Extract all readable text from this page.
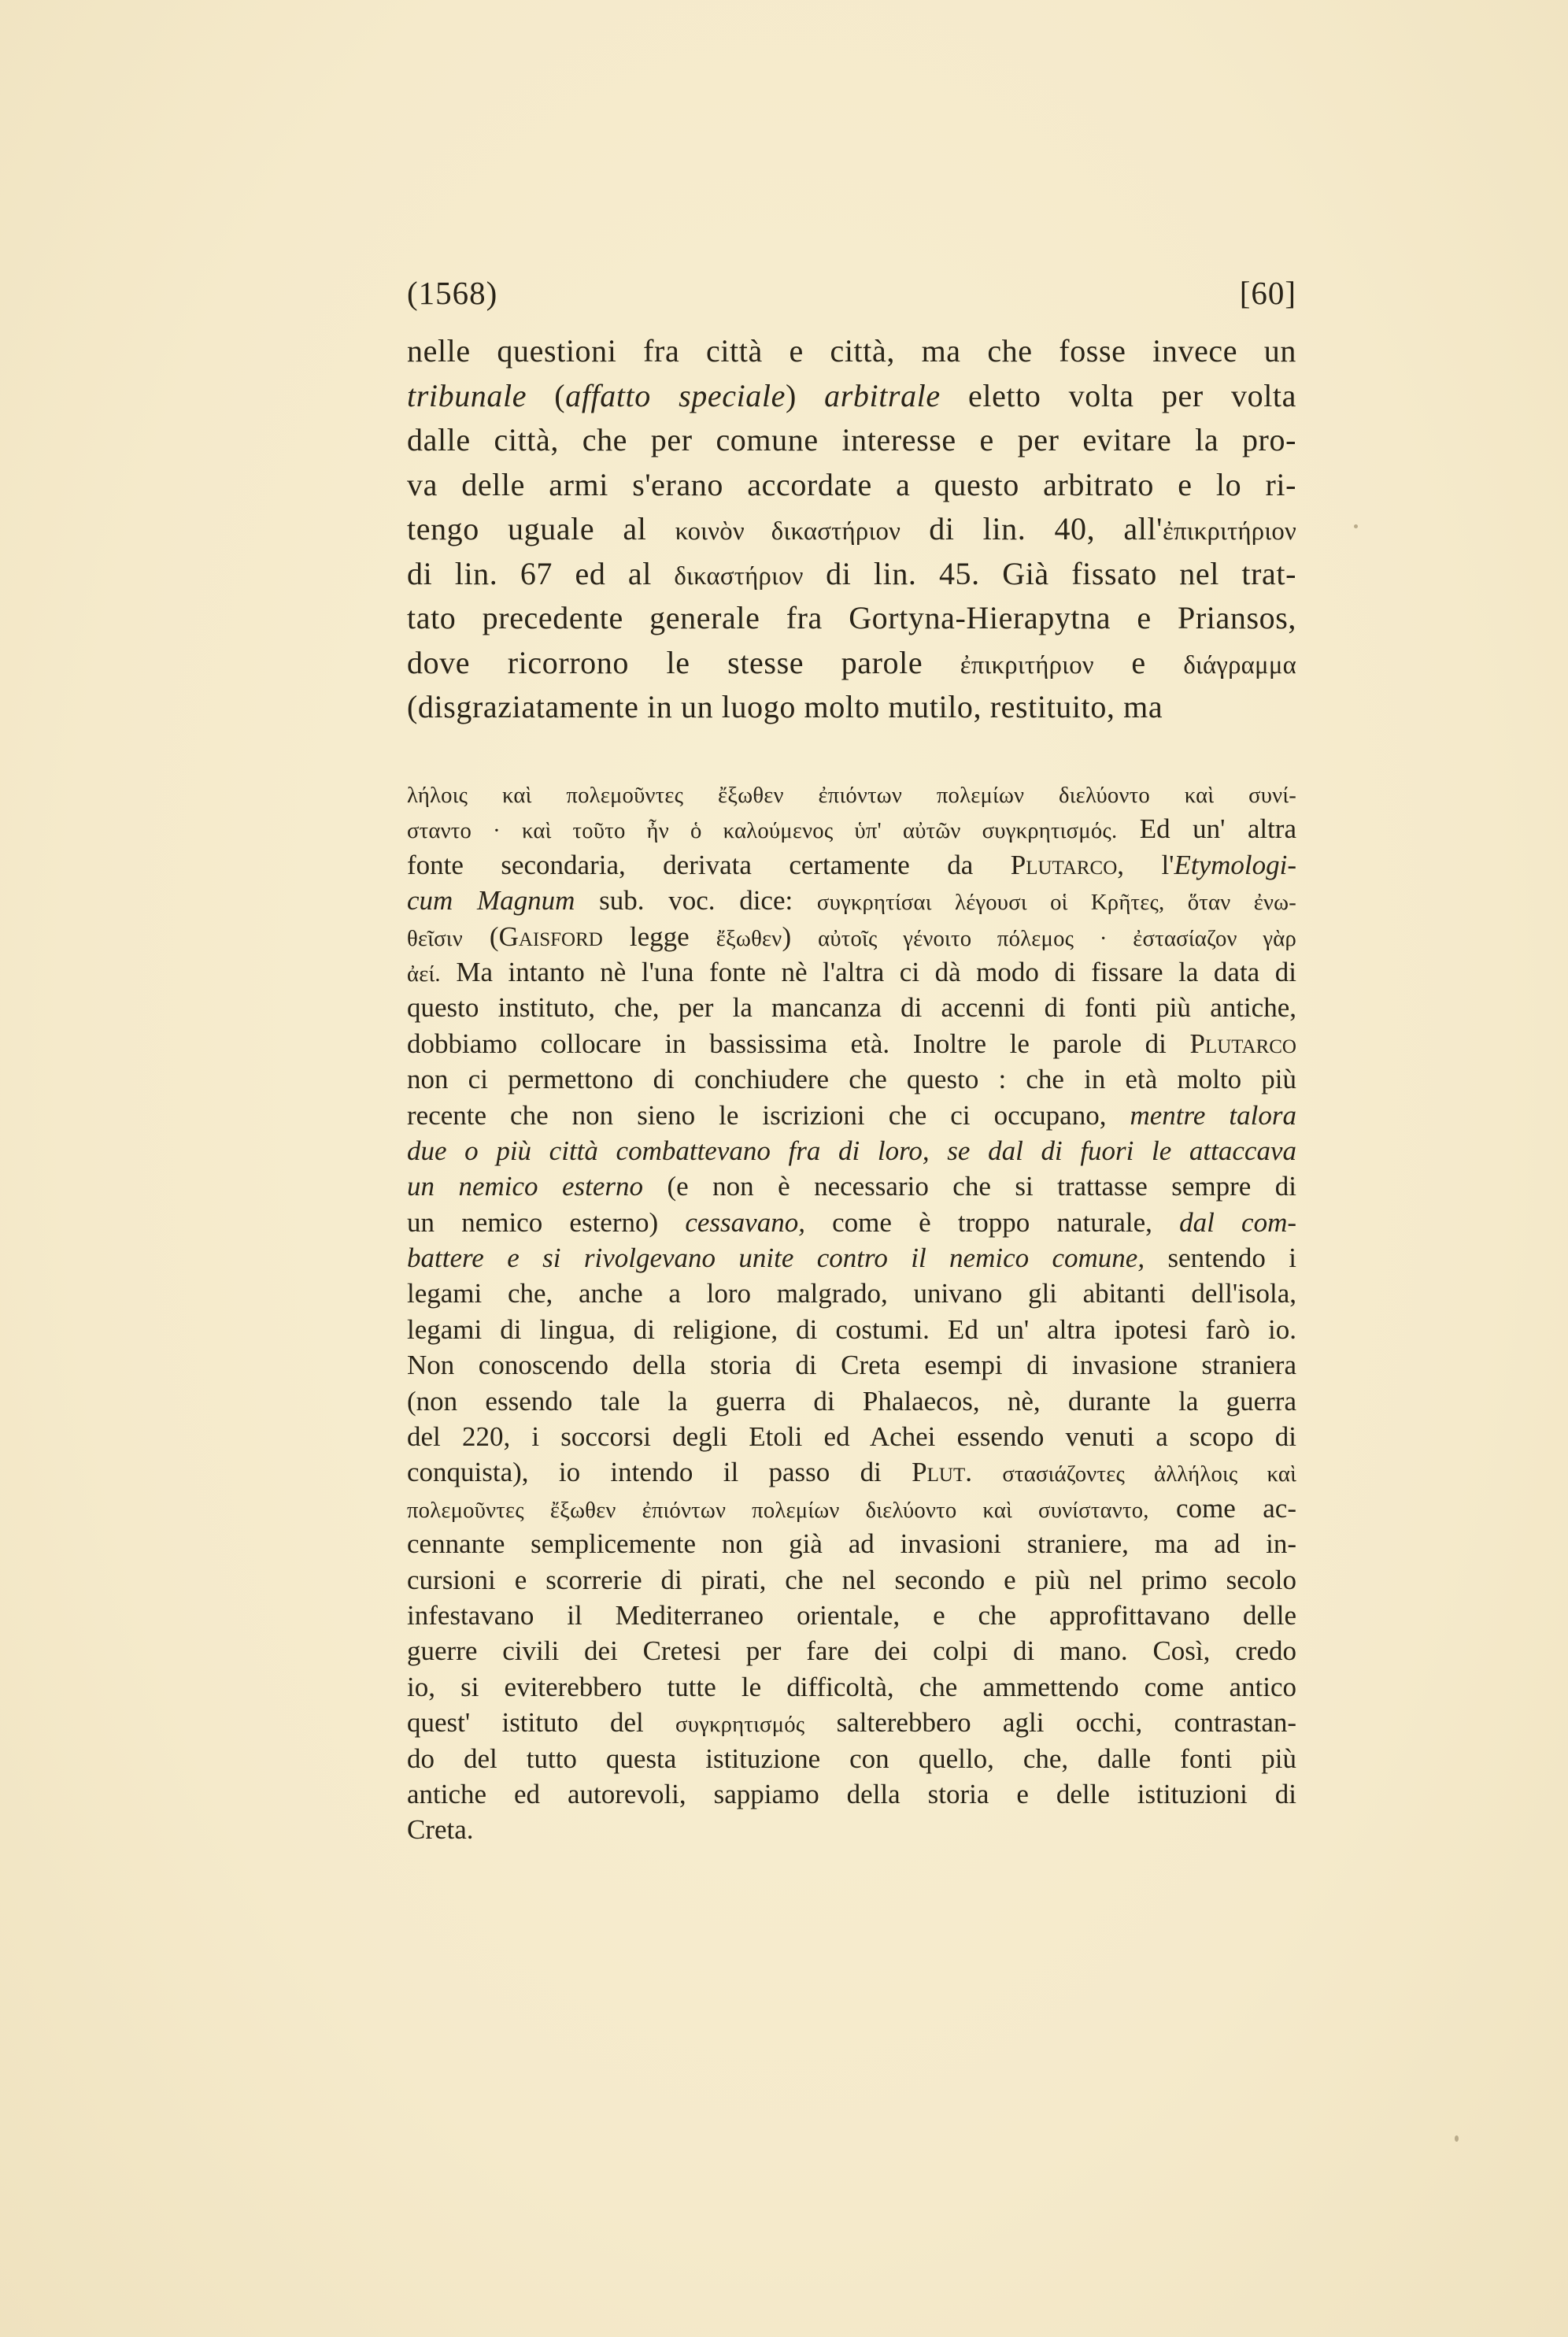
(1568)	[60]
nelle questioni fra città e città, ma che fosse invece un
tribunale (affatto speciale) arbitrale eletto volta per volta
dalle città, che per comune interesse e per evitare la pro-
va delle armi s'erano accordate a questo arbitrato e lo ri-
tengo uguale al κοινὸν δικαστήριον di lin. 40, all'ἐπικριτήριον
di lin. 67 ed al δικαστήριον di lin. 45. Già fissato nel trat-
tato precedente generale fra Gortyna-Hierapytna e Priansos,
dove ricorrono le stesse parole ἐπικριτήριον e διάγραμμα
(disgraziatamente in un luogo molto mutilo, restituito, ma
λήλοις καὶ πολεμοῦντες ἔξωθεν ἐπιόντων πολεμίων διελύοντο καὶ συνί-
σταντο · καὶ τοῦτο ἦν ὁ καλούμενος ὑπ' αὐτῶν συγκρητισμός. Ed un' altra
fonte secondaria, derivata certamente da Plutarco, l'Etymologi-
cum Magnum sub. voc. dice: συγκρητίσαι λέγουσι οἱ Κρῆτες, ὅταν ἐνω-
θεῖσιν (Gaisford legge ἔξωθεν) αὐτοῖς γένοιτο πόλεμος · ἐστασίαζον γὰρ
ἀεί. Ma intanto nè l'una fonte nè l'altra ci dà modo di fissare la data di
questo instituto, che, per la mancanza di accenni di fonti più antiche,
dobbiamo collocare in bassissima età. Inoltre le parole di Plutarco
non ci permettono di conchiudere che questo : che in età molto più
recente che non sieno le iscrizioni che ci occupano, mentre talora
due o più città combattevano fra di loro, se dal di fuori le attaccava
un nemico esterno (e non è necessario che si trattasse sempre di
un nemico esterno) cessavano, come è troppo naturale, dal com-
battere e si rivolgevano unite contro il nemico comune, sentendo i
legami che, anche a loro malgrado, univano gli abitanti dell'isola,
legami di lingua, di religione, di costumi. Ed un' altra ipotesi farò io.
Non conoscendo della storia di Creta esempi di invasione straniera
(non essendo tale la guerra di Phalaecos, nè, durante la guerra
del 220, i soccorsi degli Etoli ed Achei essendo venuti a scopo di
conquista), io intendo il passo di Plut. στασιάζοντες ἀλλήλοις καὶ
πολεμοῦντες ἔξωθεν ἐπιόντων πολεμίων διελύοντο καὶ συνίσταντο, come ac-
cennante semplicemente non già ad invasioni straniere, ma ad in-
cursioni e scorrerie di pirati, che nel secondo e più nel primo secolo
infestavano il Mediterraneo orientale, e che approfittavano delle
guerre civili dei Cretesi per fare dei colpi di mano. Così, credo
io, si eviterebbero tutte le difficoltà, che ammettendo come antico
quest' istituto del συγκρητισμός salterebbero agli occhi, contrastan-
do del tutto questa istituzione con quello, che, dalle fonti più
antiche ed autorevoli, sappiamo della storia e delle istituzioni di
Creta.
